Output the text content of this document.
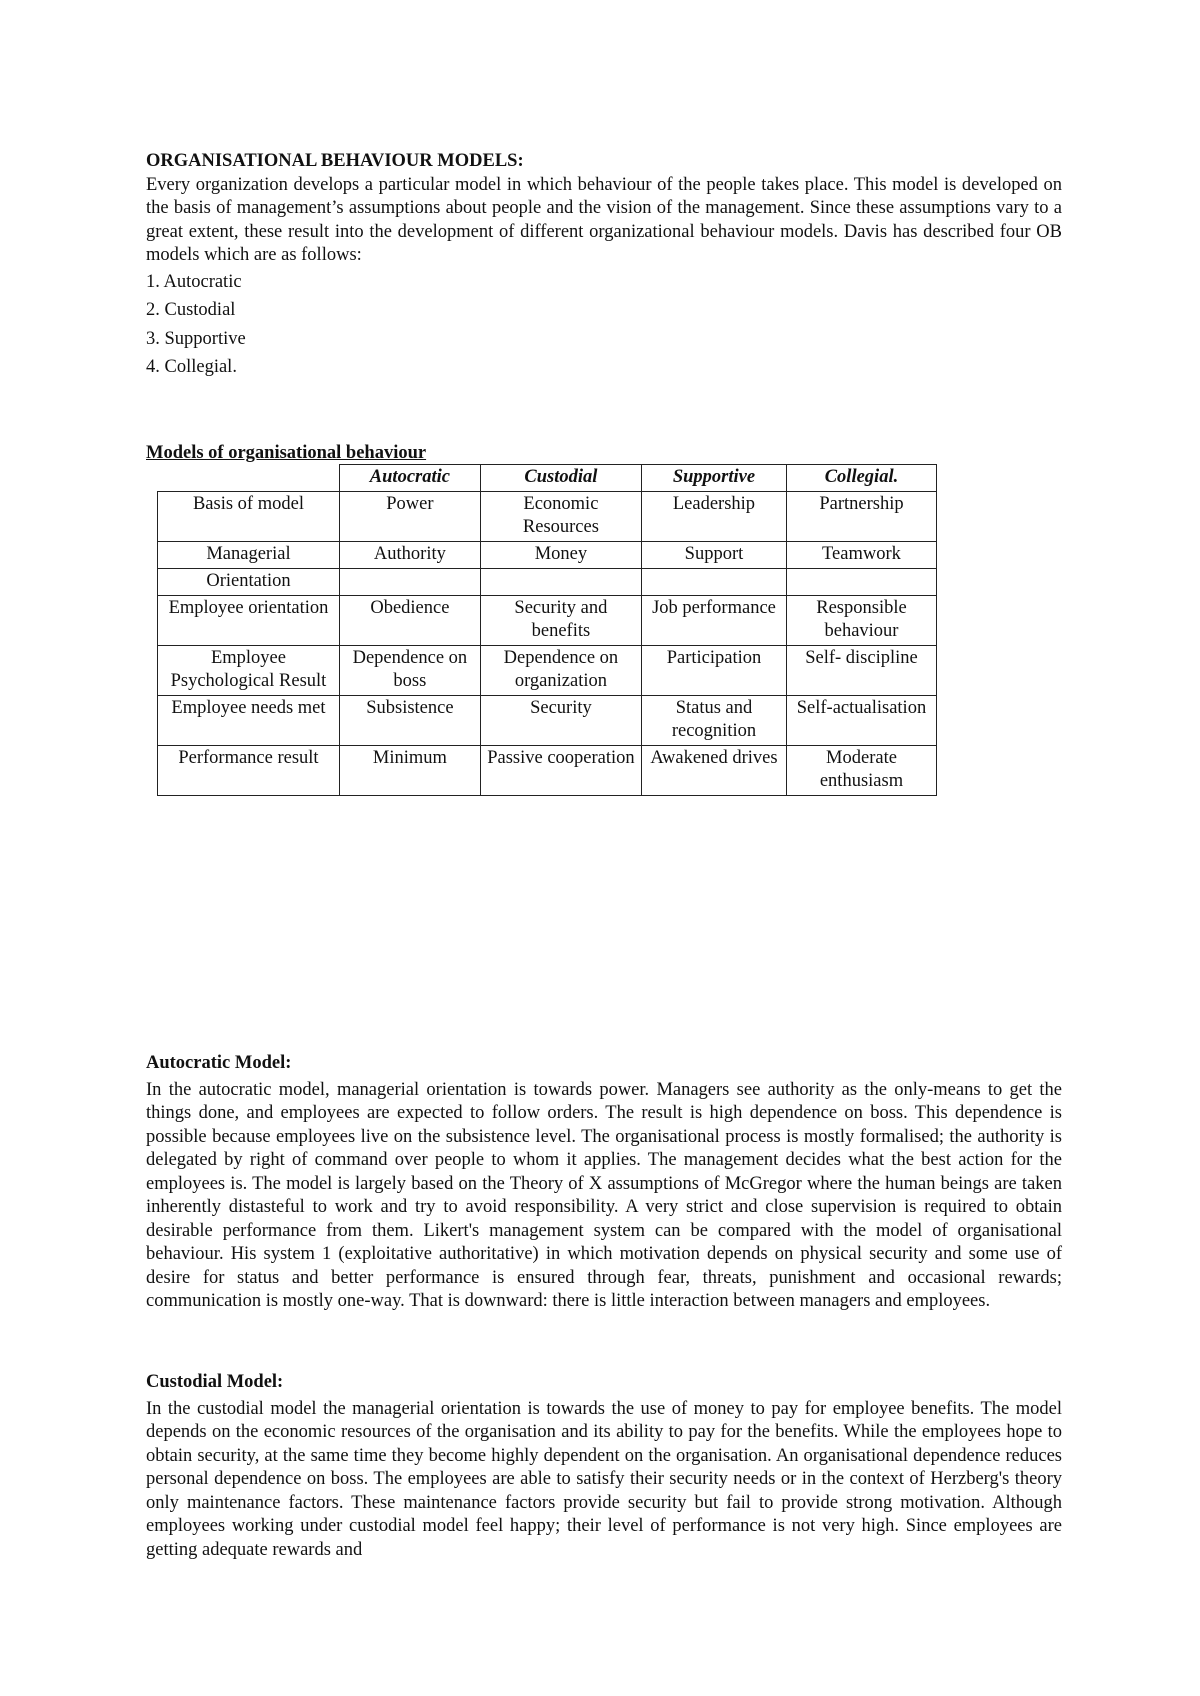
ORGANISATIONAL BEHAVIOUR MODELS:

Every organization develops a particular model in which behaviour of the people takes place. This model is developed on the basis of management’s assumptions about people and the vision of the management. Since these assumptions vary to a great extent, these result into the development of different organizational behaviour models. Davis has described four OB models which are as follows:

1. Autocratic
2. Custodial
3. Supportive
4. Collegial.

Models of organisational behaviour

	Autocratic	Custodial	Supportive	Collegial.
Basis of model	Power	Economic Resources	Leadership	Partnership
Managerial	Authority	Money	Support	Teamwork
Orientation				
Employee orientation	Obedience	Security and benefits	Job performance	Responsible behaviour
Employee Psychological Result	Dependence on boss	Dependence on organization	Participation	Self- discipline
Employee needs met	Subsistence	Security	Status and recognition	Self-actualisation
Performance result	Minimum	Passive cooperation	Awakened drives	Moderate enthusiasm

Autocratic Model:

In the autocratic model, managerial orientation is towards power. Managers see authority as the only-means to get the things done, and employees are expected to follow orders. The result is high dependence on boss. This dependence is possible because employees live on the subsistence level. The organisational process is mostly formalised; the authority is delegated by right of command over people to whom it applies. The management decides what the best action for the employees is. The model is largely based on the Theory of X assumptions of McGregor where the human beings are taken inherently distasteful to work and try to avoid responsibility. A very strict and close supervision is required to obtain desirable performance from them. Likert's management system can be compared with the model of organisational behaviour. His system 1 (exploitative authoritative) in which motivation depends on physical security and some use of desire for status and better performance is ensured through fear, threats, punishment and occasional rewards; communication is mostly one-way. That is downward: there is little interaction between managers and employees.

Custodial Model:

In the custodial model the managerial orientation is towards the use of money to pay for employee benefits. The model depends on the economic resources of the organisation and its ability to pay for the benefits. While the employees hope to obtain security, at the same time they become highly dependent on the organisation. An organisational dependence reduces personal dependence on boss. The employees are able to satisfy their security needs or in the context of Herzberg's theory only maintenance factors. These maintenance factors provide security but fail to provide strong motivation. Although employees working under custodial model feel happy; their level of performance is not very high. Since employees are getting adequate rewards and
